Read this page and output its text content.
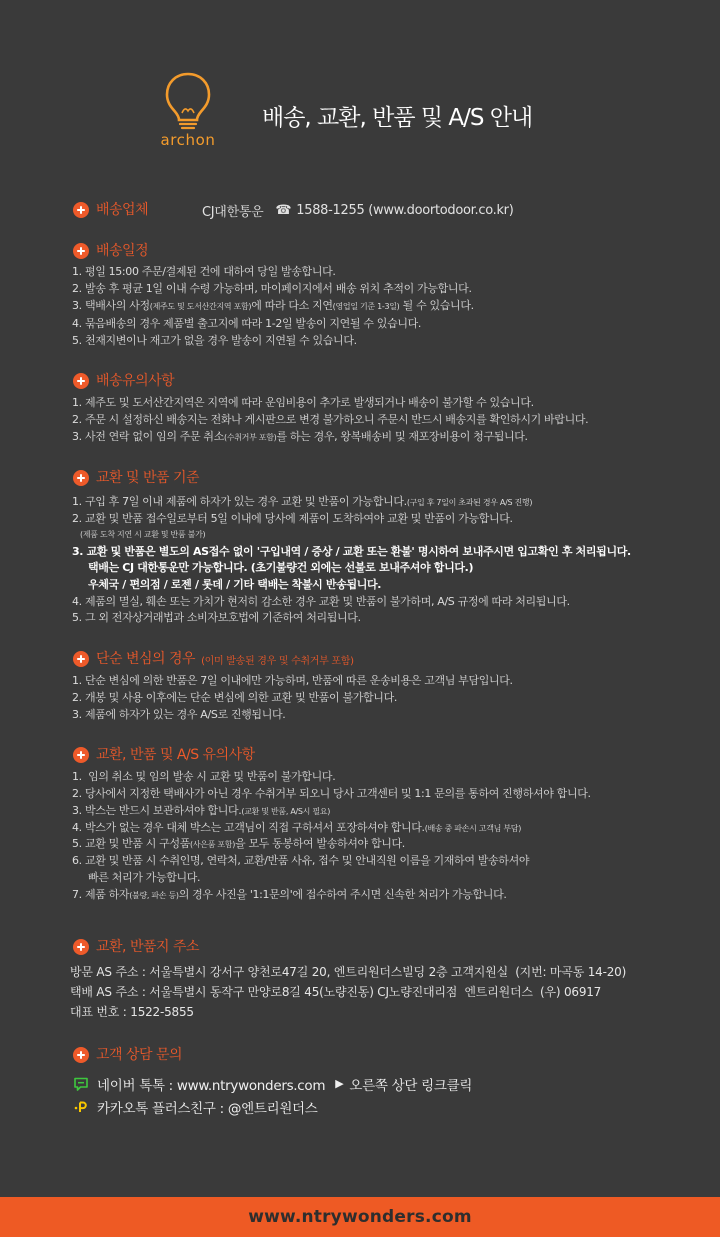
archon
배송, 교환, 반품 및 A/S 안내
배송업체	CJ대한통운 ☎ 1588-1255 (www.doortodoor.co.kr)
배송일정
1. 평일 15:00 주문/결제된 건에 대하여 당일 발송합니다.
2. 발송 후 평균 1일 이내 수령 가능하며, 마이페이지에서 배송 위치 추적이 가능합니다.
3. 택배사의 사정 (제주도 및 도서산간지역 포함) 에 따라 다소 지연 (영업일 기준 1-3일) 될 수 있습니다.
4. 묶음배송의 경우 제품별 출고지에 따라 1-2일 발송이 지연될 수 있습니다.
5. 천재지변이나 재고가 없을 경우 발송이 지연될 수 있습니다.
배송유의사항
1. 제주도 및 도서산간지역은 지역에 따라 운임비용이 추가로 발생되거나 배송이 불가할 수 있습니다.
2. 주문 시 설정하신 배송지는 전화나 게시판으로 변경 불가하오니 주문시 반드시 배송지를 확인하시기 바랍니다.
3. 사전 연락 없이 임의 주문 취소 (수취거부 포함) 를 하는 경우, 왕복배송비 및 재포장비용이 청구됩니다.
교환 및 반품 기준
1. 구입 후 7일 이내 제품에 하자가 있는 경우 교환 및 반품이 가능합니다. (구입 후 7일이 초과된 경우 A/S 진행)
2. 교환 및 반품 접수일로부터 5일 이내에 당사에 제품이 도착하여야 교환 및 반품이 가능합니다.
(제품 도착 지연 시 교환 및 반품 불가)
3. 교환 및 반품은 별도의 AS접수 없이 '구입내역 / 증상 / 교환 또는 환불' 명시하여 보내주시면 입고확인 후 처리됩니다.
택배는 CJ 대한통운만 가능합니다. (초기불량건 외에는 선불로 보내주셔야 합니다.)
우체국 / 편의점 / 로젠 / 롯데 / 기타 택배는 착불시 반송됩니다.
4. 제품의 멸실, 훼손 또는 가치가 현저히 감소한 경우 교환 및 반품이 불가하며, A/S 규정에 따라 처리됩니다.
5. 그 외 전자상거래법과 소비자보호법에 기준하여 처리됩니다.
단순 변심의 경우 (이미 발송된 경우 및 수취거부 포함)
1. 단순 변심에 의한 반품은 7일 이내에만 가능하며, 반품에 따른 운송비용은 고객님 부담입니다.
2. 개봉 및 사용 이후에는 단순 변심에 의한 교환 및 반품이 불가합니다.
3. 제품에 하자가 있는 경우 A/S로 진행됩니다.
교환, 반품 및 A/S 유의사항
1.  임의 취소 및 임의 발송 시 교환 및 반품이 불가합니다.
2. 당사에서 지정한 택배사가 아닌 경우 수취거부 되오니 당사 고객센터 및 1:1 문의를 통하여 진행하셔야 합니다.
3. 박스는 반드시 보관하셔야 합니다. (교환 및 반품, A/S시 필요)
4. 박스가 없는 경우 대체 박스는 고객님이 직접 구하셔서 포장하셔야 합니다. (배송 중 파손시 고객님 부담)
5. 교환 및 반품 시 구성품 (사은품 포함) 을 모두 동봉하여 발송하셔야 합니다.
6. 교환 및 반품 시 수취인명, 연락처, 교환/반품 사유, 접수 및 안내직원 이름을 기재하여 발송하셔야
빠른 처리가 가능합니다.
7. 제품 하자 (불량, 파손 등) 의 경우 사진을 '1:1문의'에 접수하여 주시면 신속한 처리가 가능합니다.
교환, 반품지 주소
방문 AS 주소 : 서울특별시 강서구 양천로47길 20, 엔트리원더스빌딩 2층 고객지원실  (지번: 마곡동 14-20)
택배 AS 주소 : 서울특별시 동작구 만양로8길 45(노량진동) CJ노량진대리점  엔트리원더스  (우) 06917
대표 번호 : 1522-5855
고객 상담 문의
네이버 톡톡 : www.ntrywonders.com ▶ 오른쪽 상단 링크클릭
카카오톡 플러스친구 : @엔트리원더스
www.ntrywonders.com
